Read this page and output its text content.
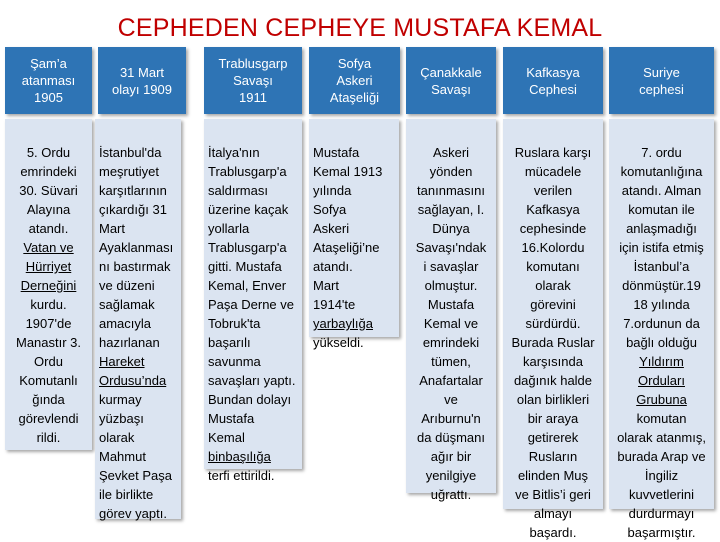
CEPHEDEN CEPHEYE MUSTAFA KEMAL
Şam’a
atanması
1905
31 Mart
olayı 1909
Trablusgarp
Savaşı
1911
Sofya
Askeri
Ataşeliği
Çanakkale
Savaşı
Kafkasya
Cephesi
Suriye
cephesi

5. Ordu
emrindeki
30. Süvari
Alayına
atandı.
Vatan ve
Hürriyet
Derneğini
kurdu.
1907'de
Manastır 3.
Ordu
Komutanlı
ğında
görevlendi
rildi.

İstanbul'da
meşrutiyet
karşıtlarının
çıkardığı 31
Mart
Ayaklanması
nı bastırmak
ve düzeni
sağlamak
amacıyla
hazırlanan
Hareket
Ordusu’nda
kurmay
yüzbaşı
olarak
Mahmut
Şevket Paşa
ile birlikte
görev yaptı.

İtalya'nın
Trablusgarp'a
saldırması
üzerine kaçak
yollarla
Trablusgarp'a
gitti. Mustafa
Kemal, Enver
Paşa Derne ve
Tobruk'ta
başarılı
savunma
savaşları yaptı.
Bundan dolayı
Mustafa
Kemal
binbaşılığa
terfi ettirildi.

Mustafa
Kemal 1913
yılında
Sofya
Askeri
Ataşeliği’ne
atandı.
Mart
1914'te
yarbaylığa
yükseldi.

Askeri
yönden
tanınmasını
sağlayan, I.
Dünya
Savaşı'ndak
i savaşlar
olmuştur.
Mustafa
Kemal ve
emrindeki
tümen,
Anafartalar
ve
Arıburnu'n
da düşmanı
ağır bir
yenilgiye
uğrattı.

Ruslara karşı
mücadele
verilen
Kafkasya
cephesinde
16.Kolordu
komutanı
olarak
görevini
sürdürdü.
Burada Ruslar
karşısında
dağınık halde
olan birlikleri
bir araya
getirerek
Rusların
elinden Muş
ve Bitlis’i geri
almayı
başardı.

7. ordu
komutanlığına
atandı. Alman
komutan ile
anlaşmadığı
için istifa etmiş
İstanbul’a
dönmüştür.19
18 yılında
7.ordunun da
bağlı olduğu
Yıldırım
Orduları
Grubuna
komutan
olarak atanmış,
burada Arap ve
İngiliz
kuvvetlerini
durdurmayı
başarmıştır.
